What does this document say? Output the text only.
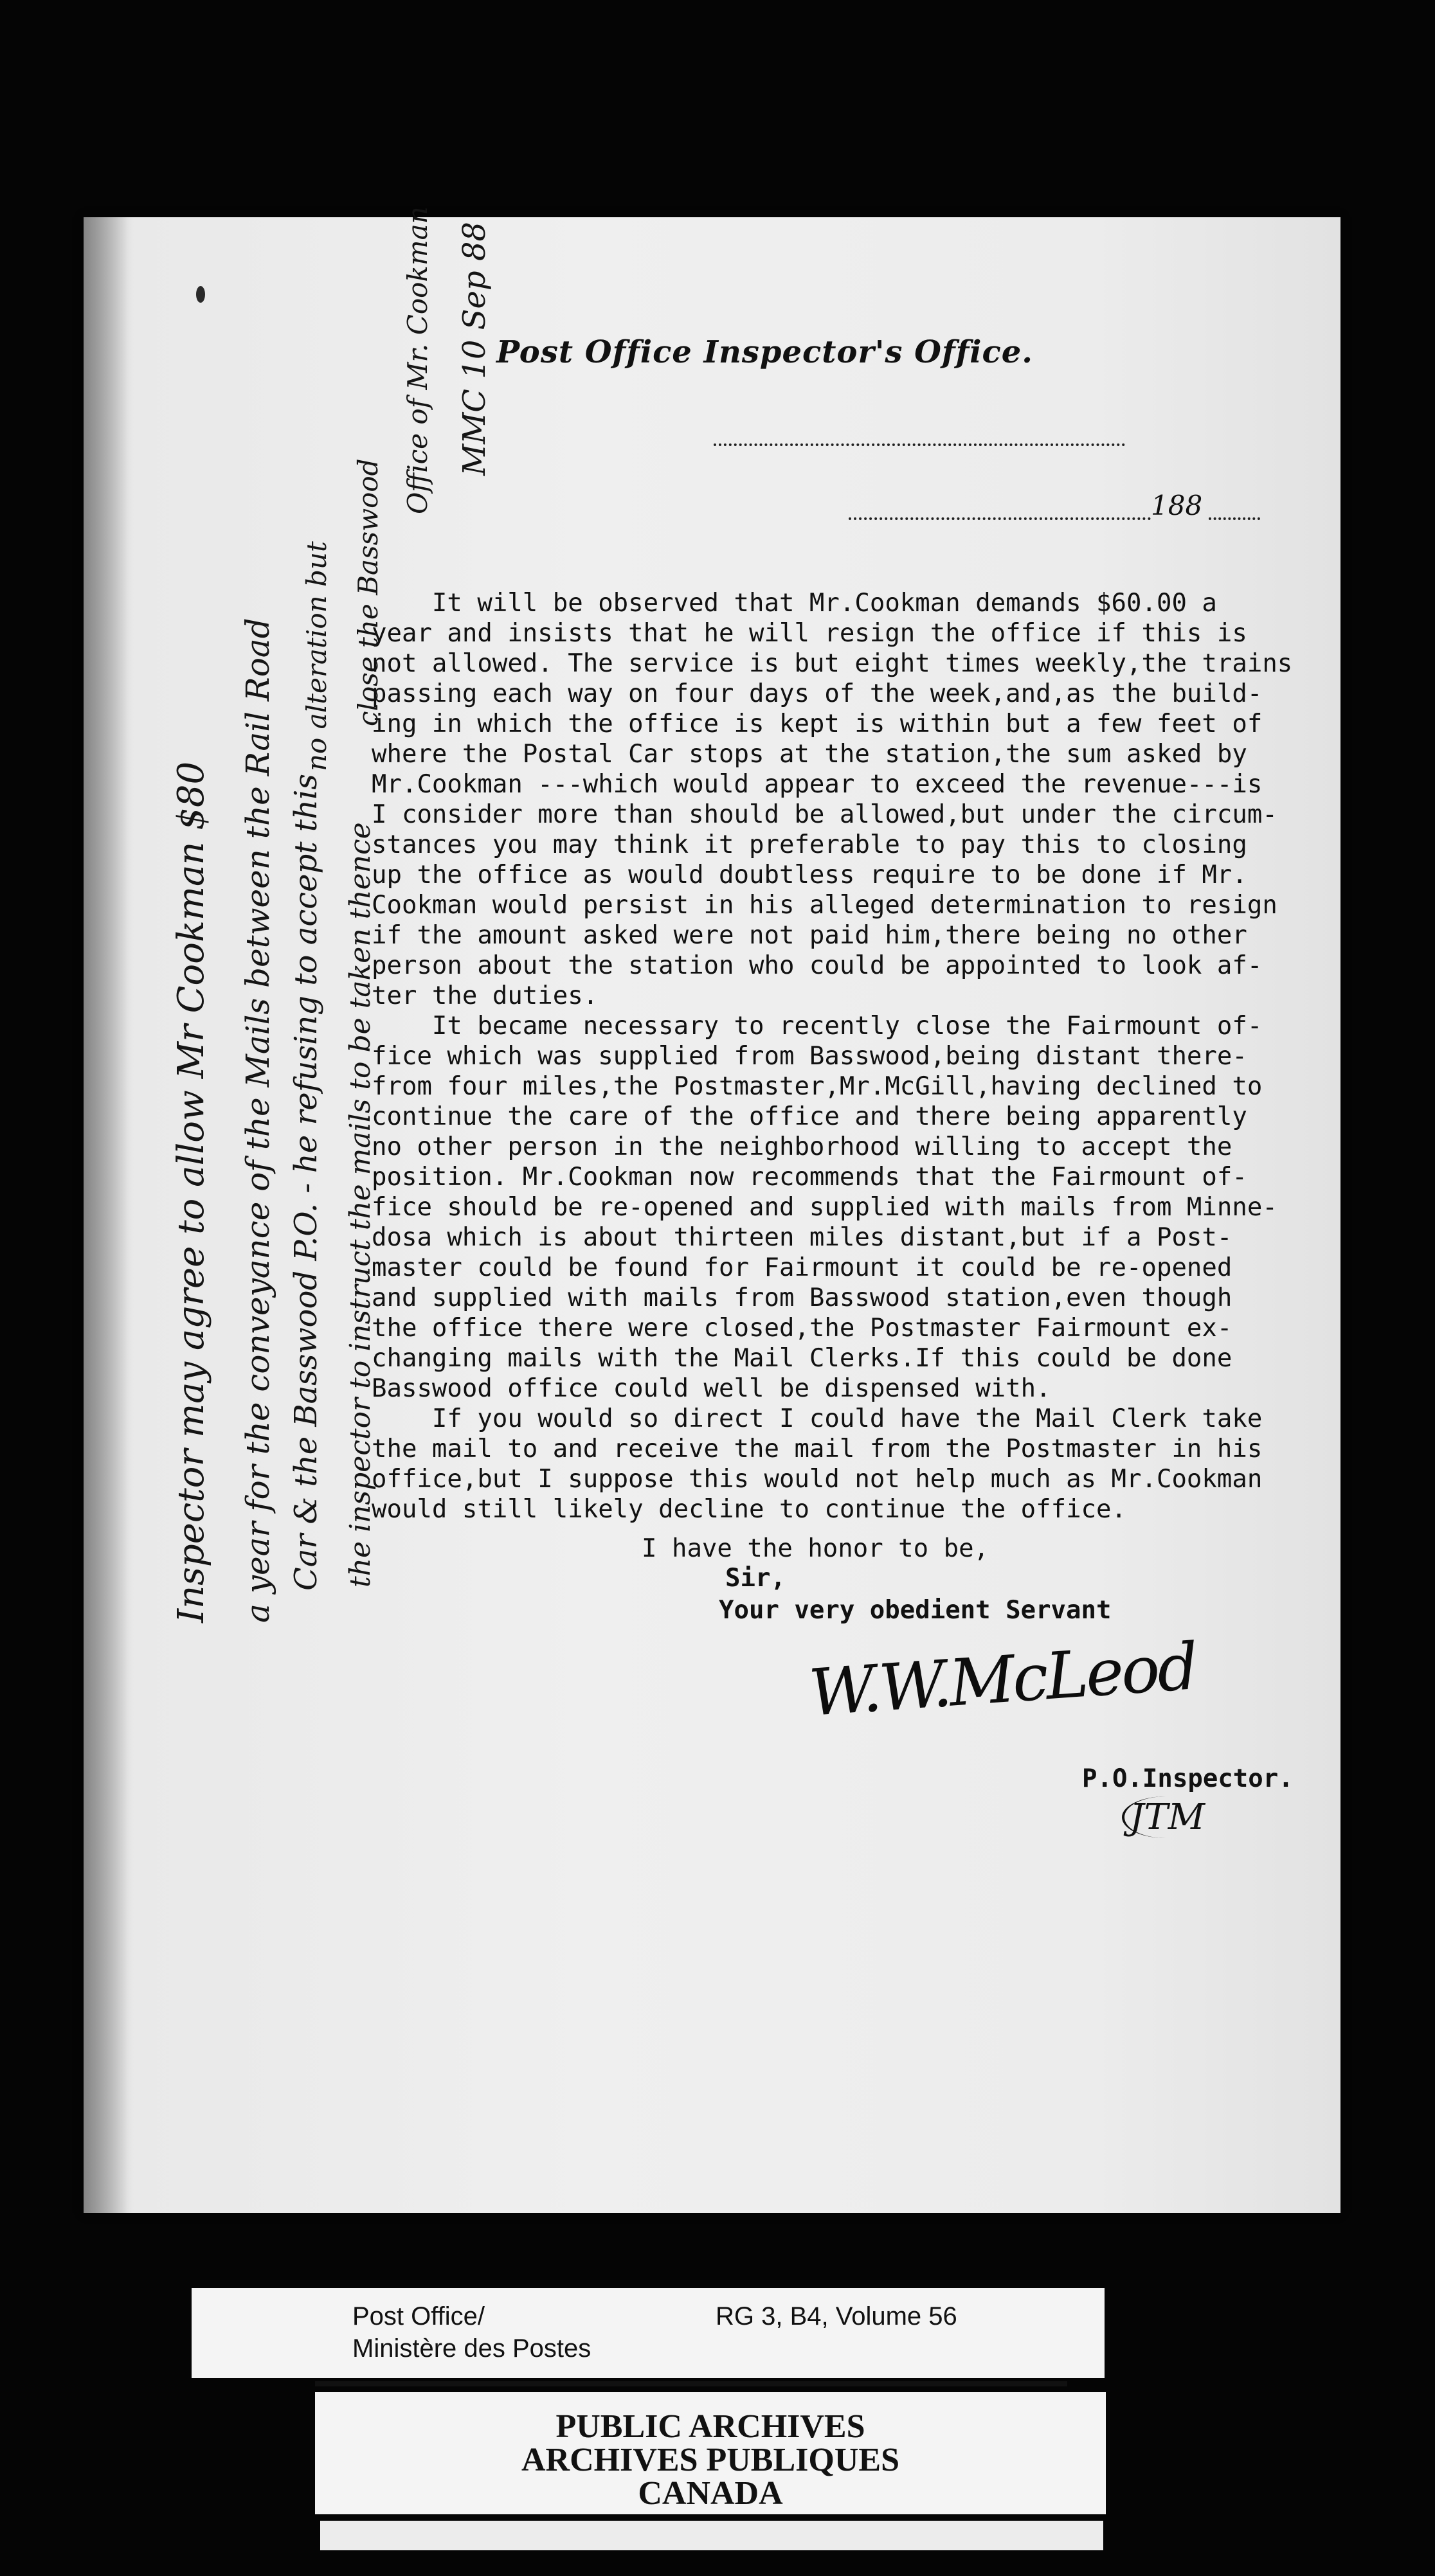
Post Office Inspector's Office.
188
It will be observed that Mr.Cookman demands $60.00 a
year and insists that he will resign the office if this is
not allowed. The service is but eight times weekly,the trains
passing each way on four days of the week,and,as the build-
ing in which the office is kept is within but a few feet of
where the Postal Car stops at the station,the sum asked by
Mr.Cookman ---which would appear to exceed the revenue---is
I consider more than should be allowed,but under the circum-
stances you may think it preferable to pay this to closing
up the office as would doubtless require to be done if Mr.
Cookman would persist in his alleged determination to resign
if the amount asked were not paid him,there being no other
person about the station who could be appointed to look af-
ter the duties.
It became necessary to recently close the Fairmount of-
fice which was supplied from Basswood,being distant there-
from four miles,the Postmaster,Mr.McGill,having declined to
continue the care of the office and there being apparently
no other person in the neighborhood willing to accept the
position. Mr.Cookman now recommends that the Fairmount of-
fice should be re-opened and supplied with mails from Minne-
dosa which is about thirteen miles distant,but if a Post-
master could be found for Fairmount it could be re-opened
and supplied with mails from Basswood station,even though
the office there were closed,the Postmaster Fairmount ex-
changing mails with the Mail Clerks.If this could be done
Basswood office could well be dispensed with.
If you would so direct I could have the Mail Clerk take
the mail to and receive the mail from the Postmaster in his
office,but I suppose this would not help much as Mr.Cookman
would still likely decline to continue the office.
I have the honor to be,
Sir,
Your very obedient Servant
W.W.McLeod
P.O.Inspector.
JTM
Inspector may agree to allow Mr Cookman $80 a year for the conveyance of the Mails between the Rail Road Car & the Basswood P.O. - he refusing to accept this the inspector to instruct the mails to be taken thence
no alteration but close the Basswood
Office of Mr. Cookman MMC 10 Sep 88
Post Office/
Ministère des Postes
RG 3, B4, Volume 56
PUBLIC ARCHIVES
ARCHIVES PUBLIQUES
CANADA
